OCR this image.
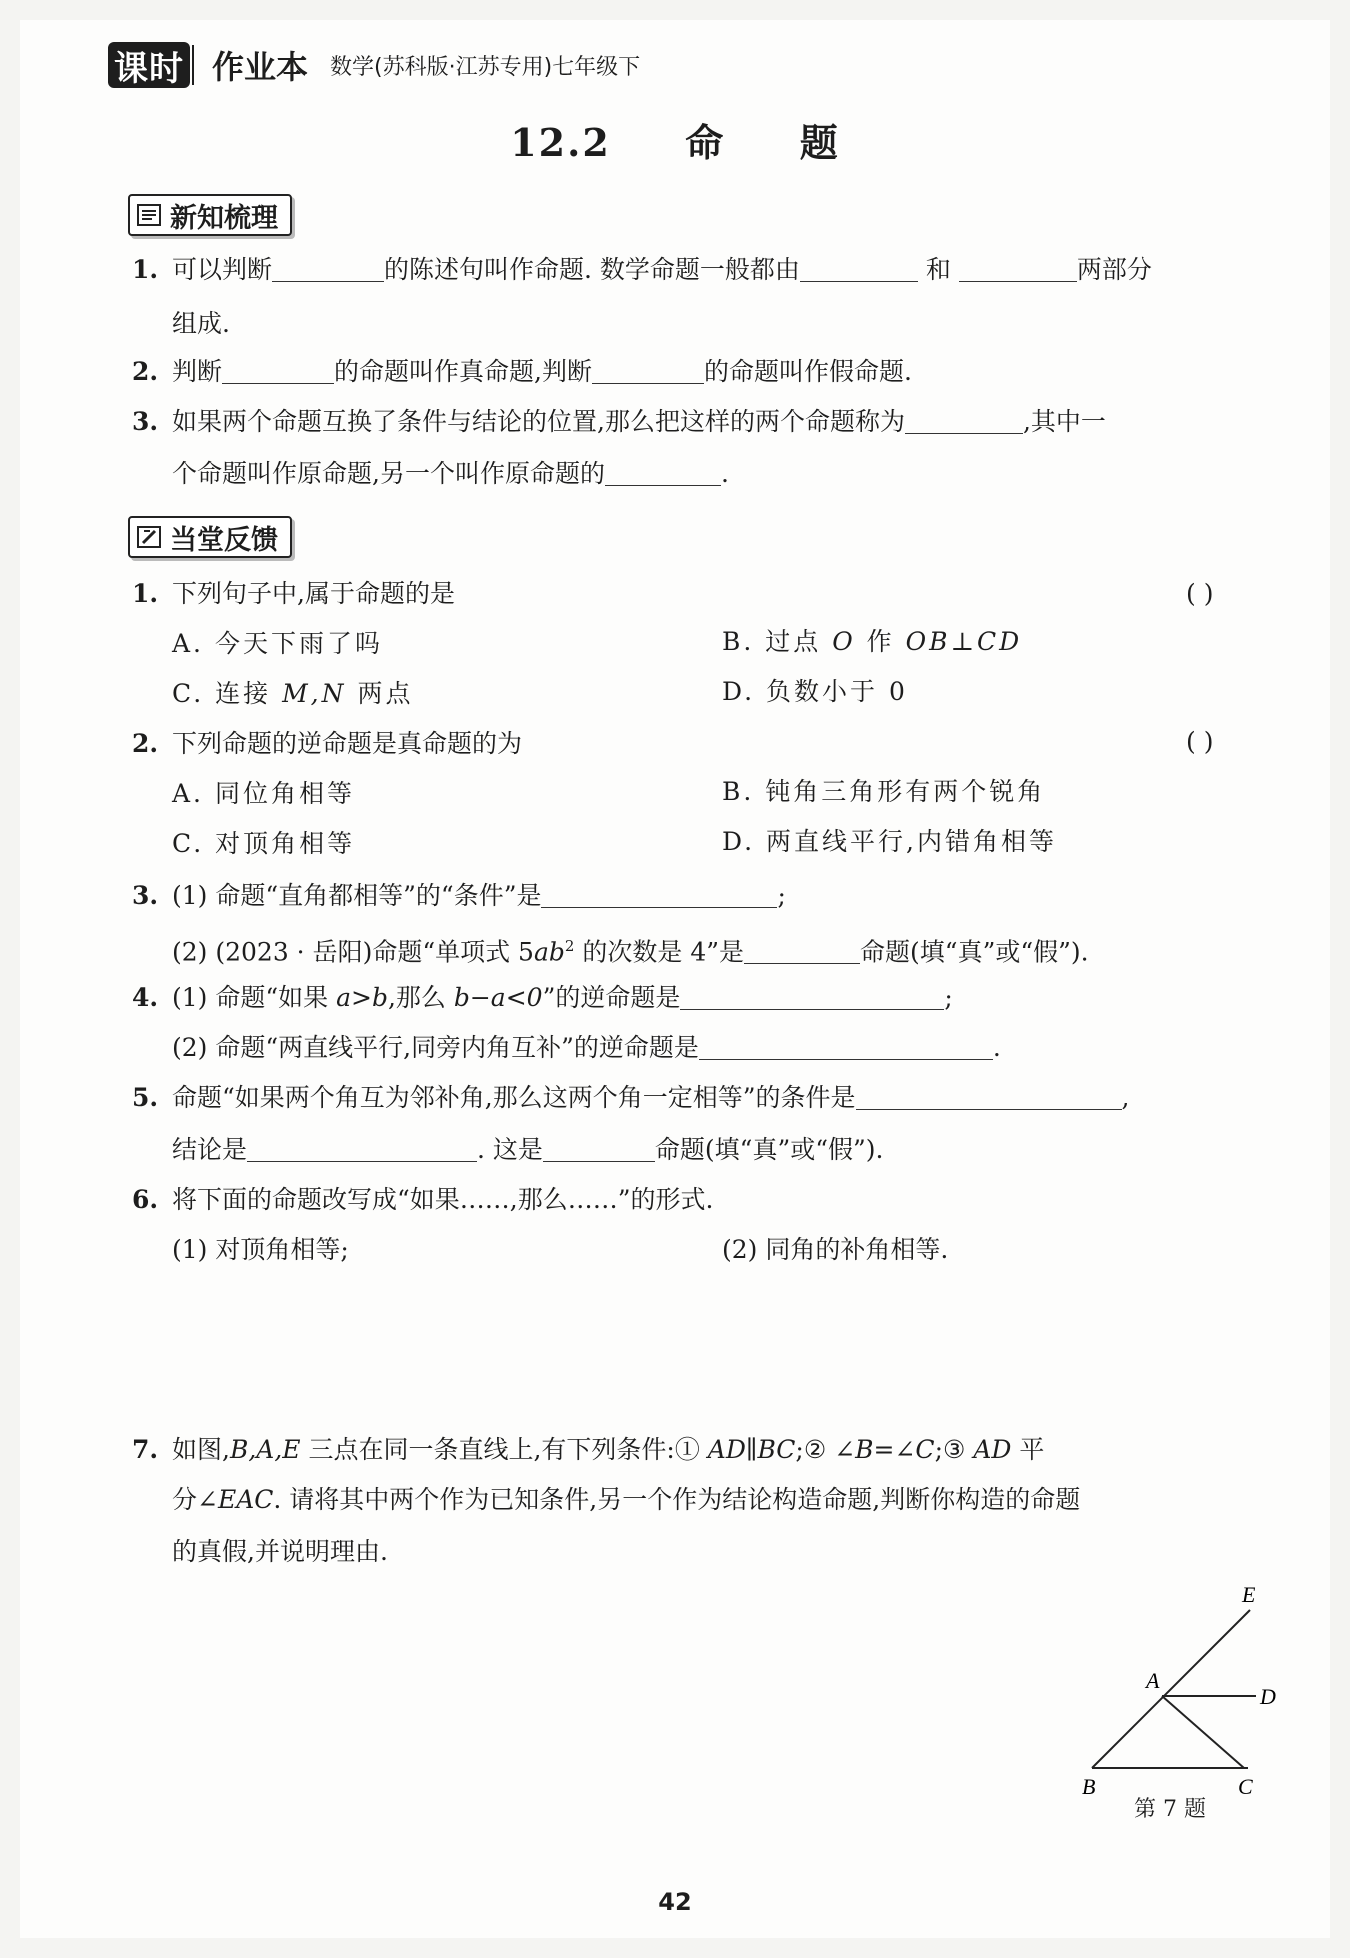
课时 作业本 数学(苏科版·江苏专用)七年级下
12.2 命 题
新知梳理
1. 可以判断	的陈述句叫作命题. 数学命题一般都由	和	两部分
组成.
2. 判断	的命题叫作真命题,判断	的命题叫作假命题.
3. 如果两个命题互换了条件与结论的位置,那么把这样的两个命题称为	,其中一
个命题叫作原命题,另一个叫作原命题的	.
当堂反馈
1. 下列句子中,属于命题的是	( )
A. 今天下雨了吗	B. 过点 O 作 OB⊥CD
C. 连接 M,N 两点	D. 负数小于 0
2. 下列命题的逆命题是真命题的为	( )
A. 同位角相等	B. 钝角三角形有两个锐角
C. 对顶角相等	D. 两直线平行,内错角相等
3. (1) 命题“直角都相等”的“条件”是	;
(2) (2023 · 岳阳)命题“单项式 $5ab^2$ 的次数是 4”是	命题(填“真”或“假”).
4. (1) 命题“如果 a>b,那么 b−a<0”的逆命题是	;
(2) 命题“两直线平行,同旁内角互补”的逆命题是	.
5. 命题“如果两个角互为邻补角,那么这两个角一定相等”的条件是	,
结论是	. 这是	命题(填“真”或“假”).
6. 将下面的命题改写成“如果……,那么……”的形式.
(1) 对顶角相等;	(2) 同角的补角相等.
7. 如图,B,A,E 三点在同一条直线上,有下列条件:① AD∥BC;② ∠B=∠C;③ AD 平
分∠EAC. 请将其中两个作为已知条件,另一个作为结论构造命题,判断你构造的命题
的真假,并说明理由.
E
A
D
B	C
第 7 题
42
